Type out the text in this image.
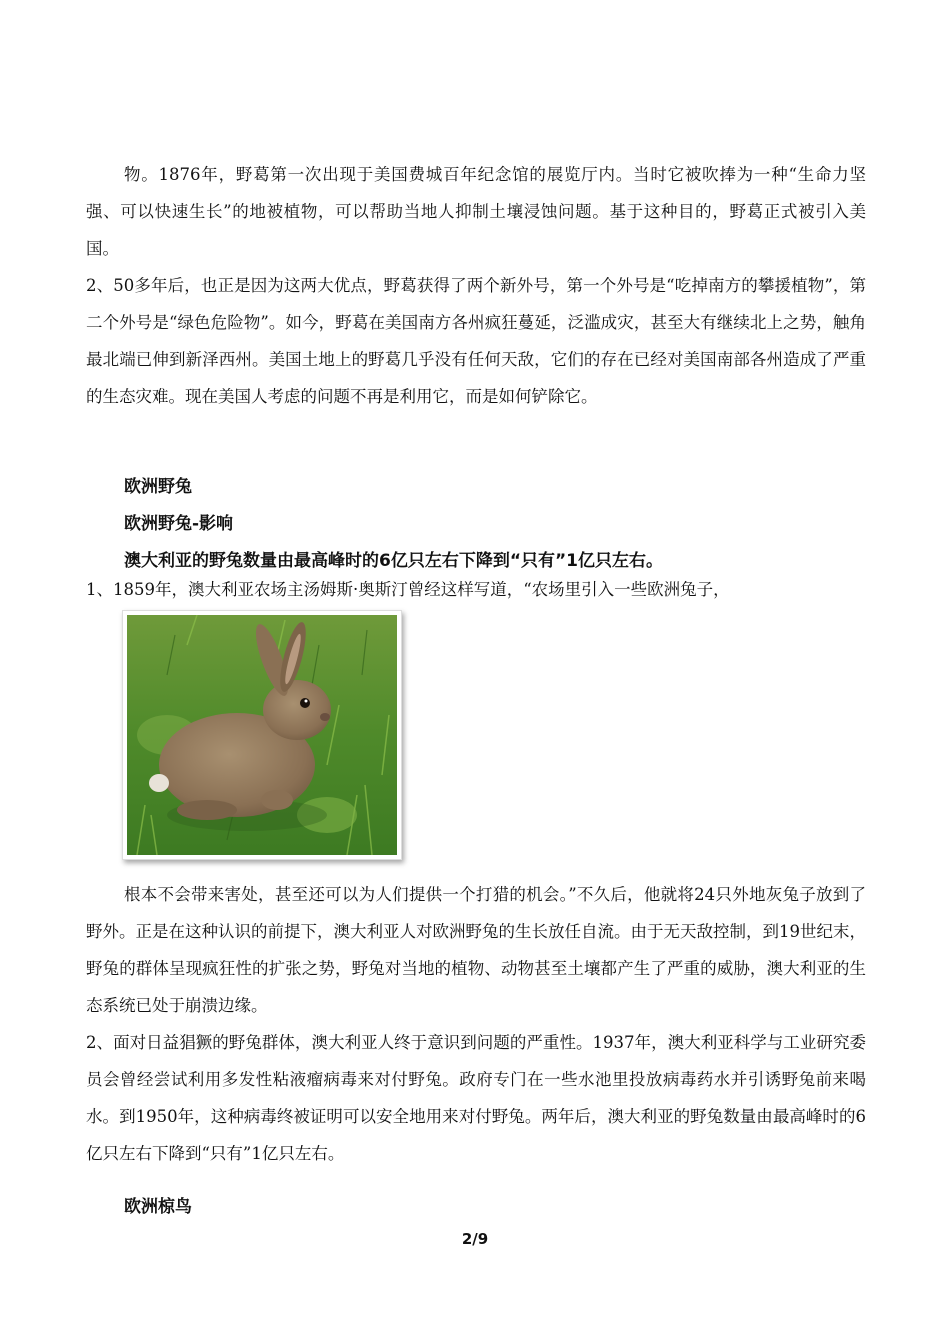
物。1876年，野葛第一次出现于美国费城百年纪念馆的展览厅内。当时它被吹捧为一种“生命力坚强、可以快速生长”的地被植物，可以帮助当地人抑制土壤浸蚀问题。基于这种目的，野葛正式被引入美国。
2、50多年后，也正是因为这两大优点，野葛获得了两个新外号，第一个外号是“吃掉南方的攀援植物”，第二个外号是“绿色危险物”。如今，野葛在美国南方各州疯狂蔓延，泛滥成灾，甚至大有继续北上之势，触角最北端已伸到新泽西州。美国土地上的野葛几乎没有任何天敌，它们的存在已经对美国南部各州造成了严重的生态灾难。现在美国人考虑的问题不再是利用它，而是如何铲除它。
欧洲野兔
欧洲野兔-影响
澳大利亚的野兔数量由最高峰时的6亿只左右下降到“只有”1亿只左右。
1、1859年，澳大利亚农场主汤姆斯·奥斯汀曾经这样写道，“农场里引入一些欧洲兔子，
根本不会带来害处，甚至还可以为人们提供一个打猎的机会。”不久后，他就将24只外地灰兔子放到了野外。正是在这种认识的前提下，澳大利亚人对欧洲野兔的生长放任自流。由于无天敌控制，到19世纪末，野兔的群体呈现疯狂性的扩张之势，野兔对当地的植物、动物甚至土壤都产生了严重的威胁，澳大利亚的生态系统已处于崩溃边缘。
2、面对日益猖獗的野兔群体，澳大利亚人终于意识到问题的严重性。1937年，澳大利亚科学与工业研究委员会曾经尝试利用多发性粘液瘤病毒来对付野兔。政府专门在一些水池里投放病毒药水并引诱野兔前来喝水。到1950年，这种病毒终被证明可以安全地用来对付野兔。两年后，澳大利亚的野兔数量由最高峰时的6亿只左右下降到“只有”1亿只左右。
欧洲椋鸟
2/9
